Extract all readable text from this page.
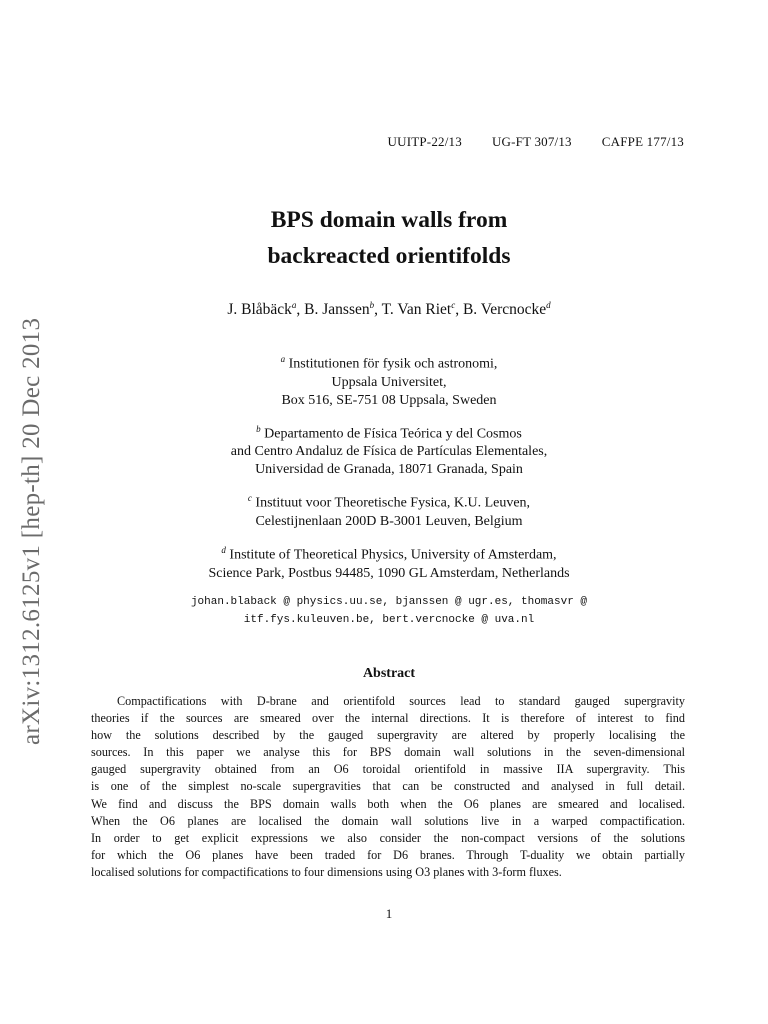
UUITP-22/13 UG-FT 307/13 CAFPE 177/13
arXiv:1312.6125v1 [hep-th] 20 Dec 2013
BPS domain walls from
backreacted orientifolds
J. Blåbäck$^a$, B. Janssen$^b$, T. Van Riet$^c$, B. Vercnocke$^d$
$^a$ Institutionen för fysik och astronomi,
Uppsala Universitet,
Box 516, SE-751 08 Uppsala, Sweden
$^b$ Departamento de Física Teórica y del Cosmos
and Centro Andaluz de Física de Partículas Elementales,
Universidad de Granada, 18071 Granada, Spain
$^c$ Instituut voor Theoretische Fysica, K.U. Leuven,
Celestijnenlaan 200D B-3001 Leuven, Belgium
$^d$ Institute of Theoretical Physics, University of Amsterdam,
Science Park, Postbus 94485, 1090 GL Amsterdam, Netherlands
johan.blaback @ physics.uu.se, bjanssen @ ugr.es, thomasvr @
itf.fys.kuleuven.be, bert.vercnocke @ uva.nl
Abstract
Compactifications with D-brane and orientifold sources lead to standard gauged supergravity
theories if the sources are smeared over the internal directions. It is therefore of interest to find
how the solutions described by the gauged supergravity are altered by properly localising the
sources. In this paper we analyse this for BPS domain wall solutions in the seven-dimensional
gauged supergravity obtained from an O6 toroidal orientifold in massive IIA supergravity. This
is one of the simplest no-scale supergravities that can be constructed and analysed in full detail.
We find and discuss the BPS domain walls both when the O6 planes are smeared and localised.
When the O6 planes are localised the domain wall solutions live in a warped compactification.
In order to get explicit expressions we also consider the non-compact versions of the solutions
for which the O6 planes have been traded for D6 branes. Through T-duality we obtain partially
localised solutions for compactifications to four dimensions using O3 planes with 3-form fluxes.
1
